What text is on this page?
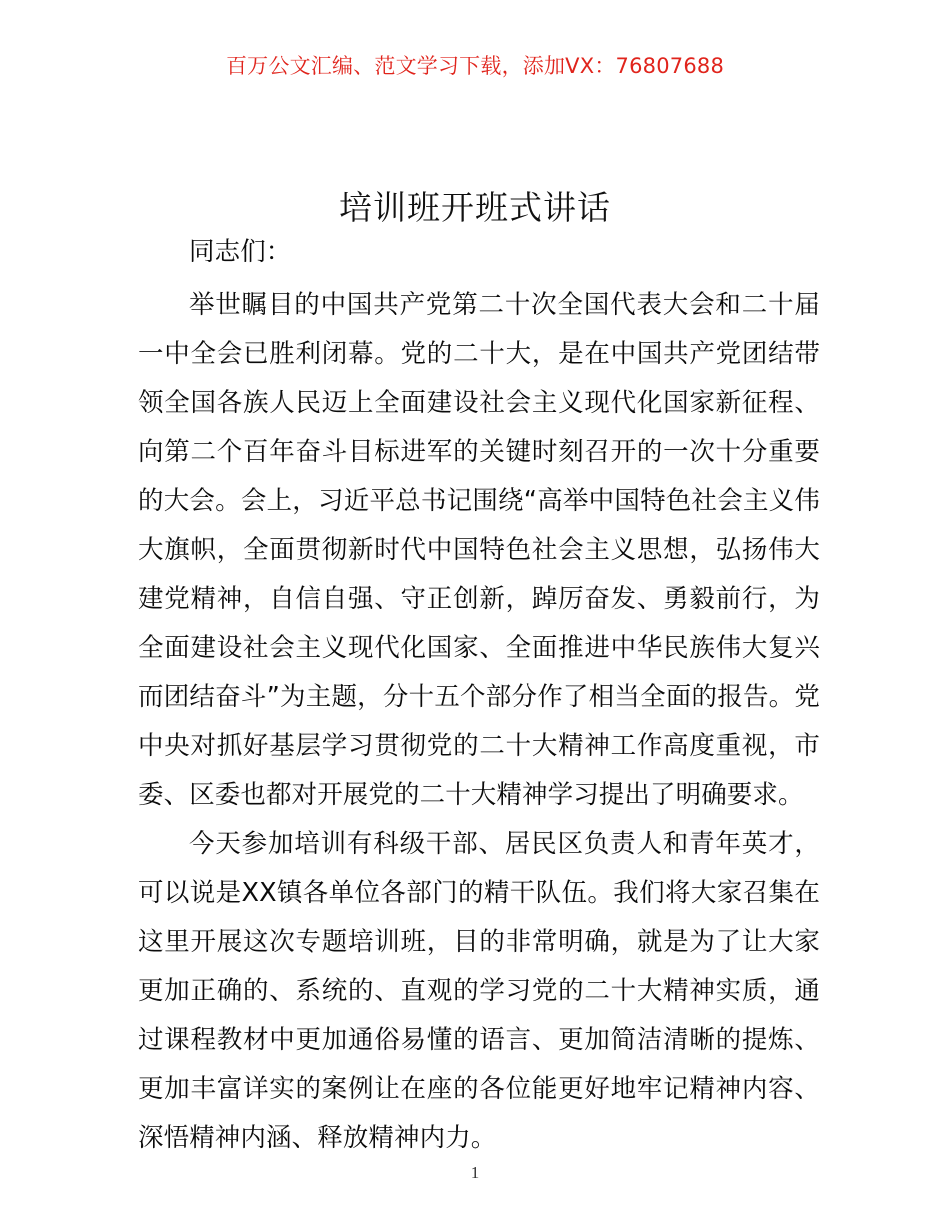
百万公文汇编、范文学习下载，添加VX：76807688
培训班开班式讲话

同志们：

举世瞩目的中国共产党第二十次全国代表大会和二十届一中全会已胜利闭幕。党的二十大，是在中国共产党团结带领全国各族人民迈上全面建设社会主义现代化国家新征程、向第二个百年奋斗目标进军的关键时刻召开的一次十分重要的大会。会上，习近平总书记围绕“高举中国特色社会主义伟大旗帜，全面贯彻新时代中国特色社会主义思想，弘扬伟大建党精神，自信自强、守正创新，踔厉奋发、勇毅前行，为全面建设社会主义现代化国家、全面推进中华民族伟大复兴而团结奋斗”为主题，分十五个部分作了相当全面的报告。党中央对抓好基层学习贯彻党的二十大精神工作高度重视，市委、区委也都对开展党的二十大精神学习提出了明确要求。

今天参加培训有科级干部、居民区负责人和青年英才，可以说是XX镇各单位各部门的精干队伍。我们将大家召集在这里开展这次专题培训班，目的非常明确，就是为了让大家更加正确的、系统的、直观的学习党的二十大精神实质，通过课程教材中更加通俗易懂的语言、更加简洁清晰的提炼、更加丰富详实的案例让在座的各位能更好地牢记精神内容、深悟精神内涵、释放精神内力。

1
